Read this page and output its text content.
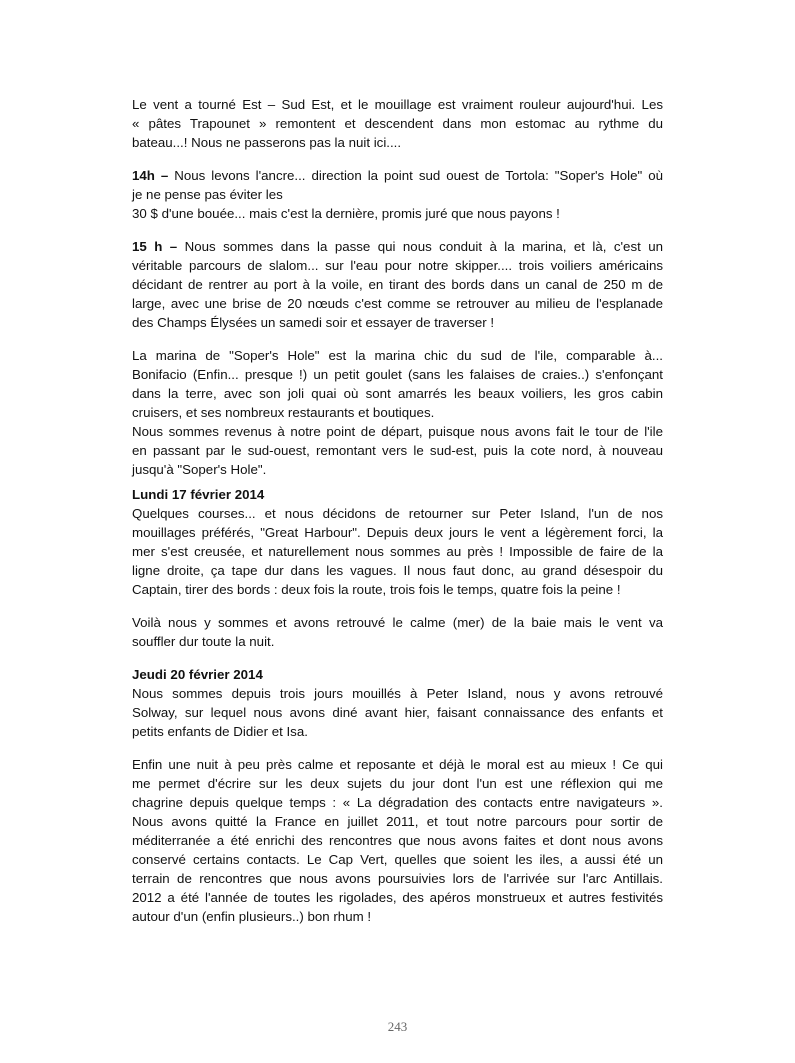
Le vent a tourné Est – Sud Est, et le mouillage est vraiment rouleur aujourd'hui. Les
« pâtes Trapounet » remontent et descendent dans mon estomac au rythme du
bateau...! Nous ne passerons pas la nuit ici....
14h – Nous levons l'ancre... direction la point sud ouest de Tortola: "Soper's Hole" où
je ne pense pas éviter les
30 $ d'une bouée... mais c'est la dernière, promis juré que nous payons !
15 h – Nous sommes dans la passe qui nous conduit à la marina, et là, c'est un
véritable parcours de slalom... sur l'eau pour notre skipper.... trois voiliers américains
décidant de rentrer au port à la voile, en tirant des bords dans un canal de 250 m de
large, avec une brise de 20 nœuds c'est comme se retrouver au milieu de l'esplanade
des Champs Élysées un samedi soir et essayer de traverser !
La marina de "Soper's Hole" est la marina chic du sud de l'ile, comparable à...
Bonifacio (Enfin... presque !) un petit goulet (sans les falaises de craies..) s'enfonçant
dans la terre, avec son joli quai où sont amarrés les beaux voiliers, les gros cabin
cruisers, et ses nombreux restaurants et boutiques.
Nous sommes revenus à notre point de départ, puisque nous avons fait le tour de l'ile
en passant par le sud-ouest, remontant vers le sud-est, puis la cote nord, à nouveau
jusqu'à "Soper's Hole".
Lundi 17 février 2014
Quelques courses... et nous décidons de retourner sur Peter Island, l'un de nos
mouillages préférés, "Great Harbour". Depuis deux jours le vent a légèrement forci, la
mer s'est creusée, et naturellement nous sommes au près ! Impossible de faire de la
ligne droite, ça tape dur dans les vagues. Il nous faut donc, au grand désespoir du
Captain, tirer des bords : deux fois la route, trois fois le temps, quatre fois la peine !
Voilà nous y sommes et avons retrouvé le calme (mer) de la baie mais le vent va
souffler dur toute la nuit.
Jeudi 20 février 2014
Nous sommes depuis trois jours mouillés à Peter Island, nous y avons retrouvé
Solway, sur lequel nous avons diné avant hier, faisant connaissance des enfants et
petits enfants de Didier et Isa.
Enfin une nuit à peu près calme et reposante et déjà le moral est au mieux ! Ce qui
me permet d'écrire sur les deux sujets du jour dont l'un est une réflexion qui me
chagrine depuis quelque temps : « La dégradation des contacts entre navigateurs ».
Nous avons quitté la France en juillet 2011, et tout notre parcours pour sortir de
méditerranée a été enrichi des rencontres que nous avons faites et dont nous avons
conservé certains contacts. Le Cap Vert, quelles que soient les iles, a aussi été un
terrain de rencontres que nous avons poursuivies lors de l'arrivée sur l'arc Antillais.
2012 a été l'année de toutes les rigolades, des apéros monstrueux et autres festivités
autour d'un (enfin plusieurs..) bon rhum !
243
